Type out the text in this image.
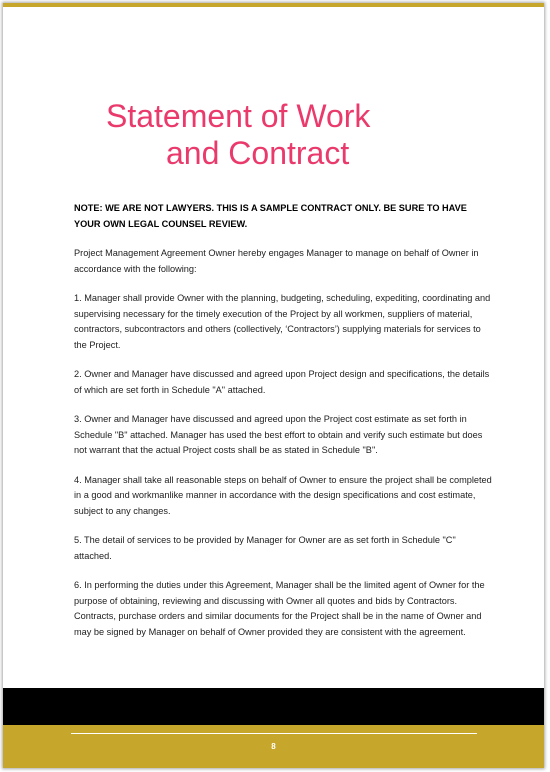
Statement of Work
and Contract

NOTE: WE ARE NOT LAWYERS. THIS IS A SAMPLE CONTRACT ONLY. BE SURE TO HAVE YOUR OWN LEGAL COUNSEL REVIEW.

Project Management Agreement Owner hereby engages Manager to manage on behalf of Owner in accordance with the following:

1. Manager shall provide Owner with the planning, budgeting, scheduling, expediting, coordinating and supervising necessary for the timely execution of the Project by all workmen, suppliers of material, contractors, subcontractors and others (collectively, ‘Contractors’) supplying materials for services to the Project.

2. Owner and Manager have discussed and agreed upon Project design and specifications, the details of which are set forth in Schedule "A" attached.

3. Owner and Manager have discussed and agreed upon the Project cost estimate as set forth in Schedule "B" attached. Manager has used the best effort to obtain and verify such estimate but does not warrant that the actual Project costs shall be as stated in Schedule "B".

4. Manager shall take all reasonable steps on behalf of Owner to ensure the project shall be completed in a good and workmanlike manner in accordance with the design specifications and cost estimate, subject to any changes.

5. The detail of services to be provided by Manager for Owner are as set forth in Schedule "C" attached.

6. In performing the duties under this Agreement, Manager shall be the limited agent of Owner for the purpose of obtaining, reviewing and discussing with Owner all quotes and bids by Contractors. Contracts, purchase orders and similar documents for the Project shall be in the name of Owner and may be signed by Manager on behalf of Owner provided they are consistent with the agreement.

8
